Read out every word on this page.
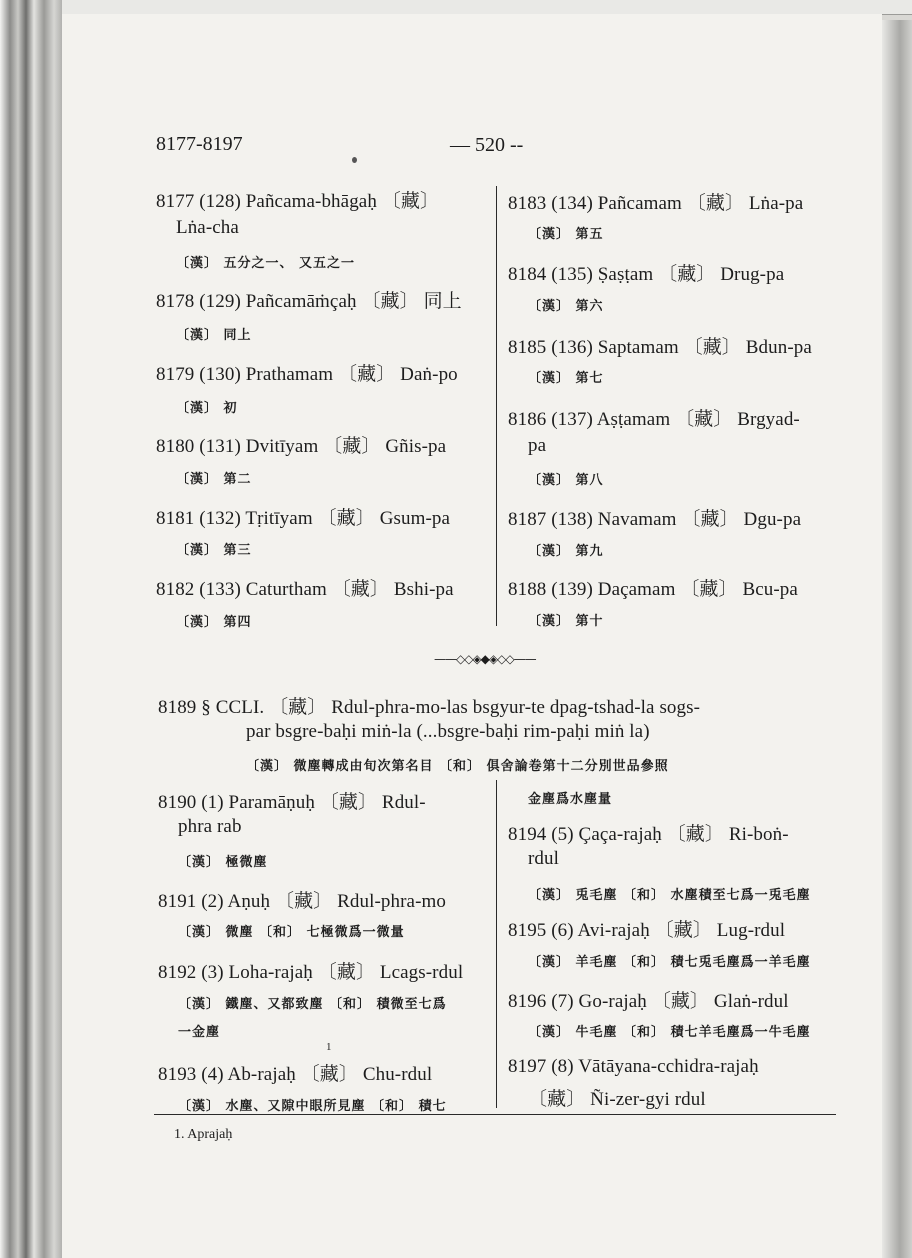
8177-8197	— 520 --
8177 (128) Pañcama-bhāgaḥ 〔藏〕
Lṅa-cha
〔漢〕 五分之一、 又五之一
8178 (129) Pañcamāṁçaḥ 〔藏〕 同上
〔漢〕 同上
8179 (130) Prathamam 〔藏〕 Daṅ-po
〔漢〕 初
8180 (131) Dvitīyam 〔藏〕 Gñis-pa
〔漢〕 第二
8181 (132) Tṛitīyam 〔藏〕 Gsum-pa
〔漢〕 第三
8182 (133) Caturtham 〔藏〕 Bshi-pa
〔漢〕 第四
8183 (134) Pañcamam 〔藏〕 Lṅa-pa
〔漢〕 第五
8184 (135) Ṣaṣṭam 〔藏〕 Drug-pa
〔漢〕 第六
8185 (136) Saptamam 〔藏〕 Bdun-pa
〔漢〕 第七
8186 (137) Aṣṭamam 〔藏〕 Brgyad-
pa
〔漢〕 第八
8187 (138) Navamam 〔藏〕 Dgu-pa
〔漢〕 第九
8188 (139) Daçamam 〔藏〕 Bcu-pa
〔漢〕 第十
——◇◇◈◆◈◇◇——
8189 § CCLI. 〔藏〕 Rdul-phra-mo-las bsgyur-te dpag-tshad-la sogs-
par bsgre-baḥi miṅ-la (...bsgre-baḥi rim-paḥi miṅ la)
〔漢〕 微塵轉成由旬次第名目 〔和〕 俱舍論卷第十二分別世品參照
8190 (1) Paramāṇuḥ 〔藏〕 Rdul-
phra rab
〔漢〕 極微塵
8191 (2) Aṇuḥ 〔藏〕 Rdul-phra-mo
〔漢〕 微塵 〔和〕 七極微爲一微量
8192 (3) Loha-rajaḥ 〔藏〕 Lcags-rdul
〔漢〕 鐵塵、又都致塵 〔和〕 積微至七爲
一金塵
8193 (4) Ab-rajaḥ 〔藏〕 Chu-rdul
1
〔漢〕 水塵、又隙中眼所見塵 〔和〕 積七
金塵爲水塵量
8194 (5) Çaça-rajaḥ 〔藏〕 Ri-boṅ-
rdul
〔漢〕 兎毛塵 〔和〕 水塵積至七爲一兎毛塵
8195 (6) Avi-rajaḥ 〔藏〕 Lug-rdul
〔漢〕 羊毛塵 〔和〕 積七兎毛塵爲一羊毛塵
8196 (7) Go-rajaḥ 〔藏〕 Glaṅ-rdul
〔漢〕 牛毛塵 〔和〕 積七羊毛塵爲一牛毛塵
8197 (8) Vātāyana-cchidra-rajaḥ
〔藏〕 Ñi-zer-gyi rdul
1. Aprajaḥ
